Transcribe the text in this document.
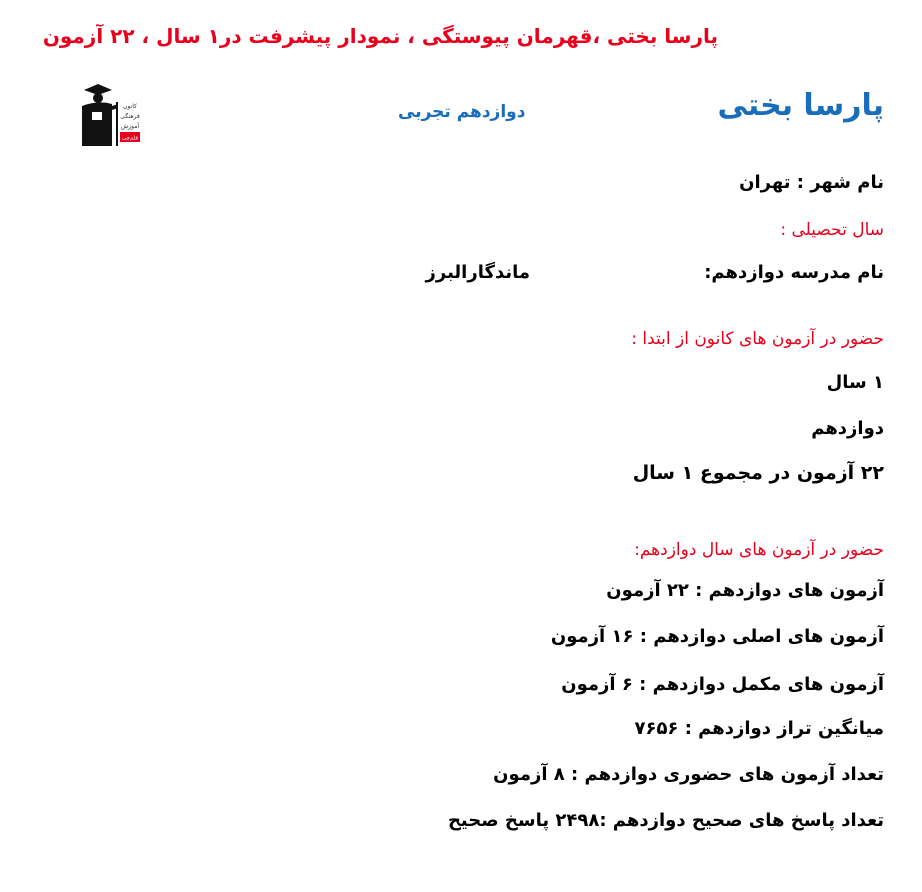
پارسا بختی ،قهرمان پیوستگی ، نمودار پیشرفت در۱ سال ، ۲۲ آزمون
کانون
فرهنگی
آموزش
قلم‌چی
پارسا بختی
دوازدهم تجربی
نام شهر : تهران
سال تحصیلی :
نام مدرسه دوازدهم:
ماندگارالبرز
حضور در آزمون های کانون از ابتدا :
۱ سال
دوازدهم
۲۲ آزمون در مجموع ۱ سال
حضور در آزمون های سال دوازدهم:
آزمون های دوازدهم : ۲۲ آزمون
آزمون های اصلی دوازدهم : ۱۶ آزمون
آزمون های مکمل دوازدهم : ۶ آزمون
میانگین تراز دوازدهم : ۷۶۵۶
تعداد آزمون های حضوری دوازدهم : ۸ آزمون
تعداد پاسخ های صحیح دوازدهم :۲۴۹۸ پاسخ صحیح
